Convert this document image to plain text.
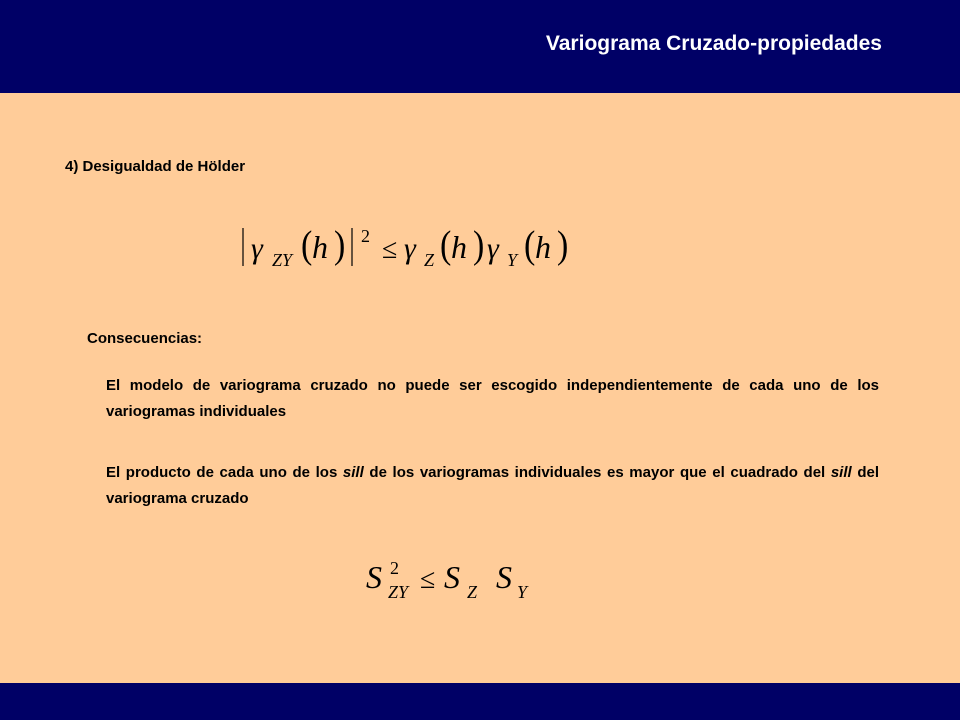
Variograma Cruzado-propiedades
4) Desigualdad de Hölder
γ ZY ( h ) 2 ≤ γ Z ( h ) γ Y ( h )
Consecuencias:
El modelo de variograma cruzado no puede ser escogido independientemente de cada uno de los variogramas individuales
El producto de cada uno de los sill de los variogramas individuales es mayor que el cuadrado del sill del variograma cruzado
S 2
ZY ≤ S Z S Y
